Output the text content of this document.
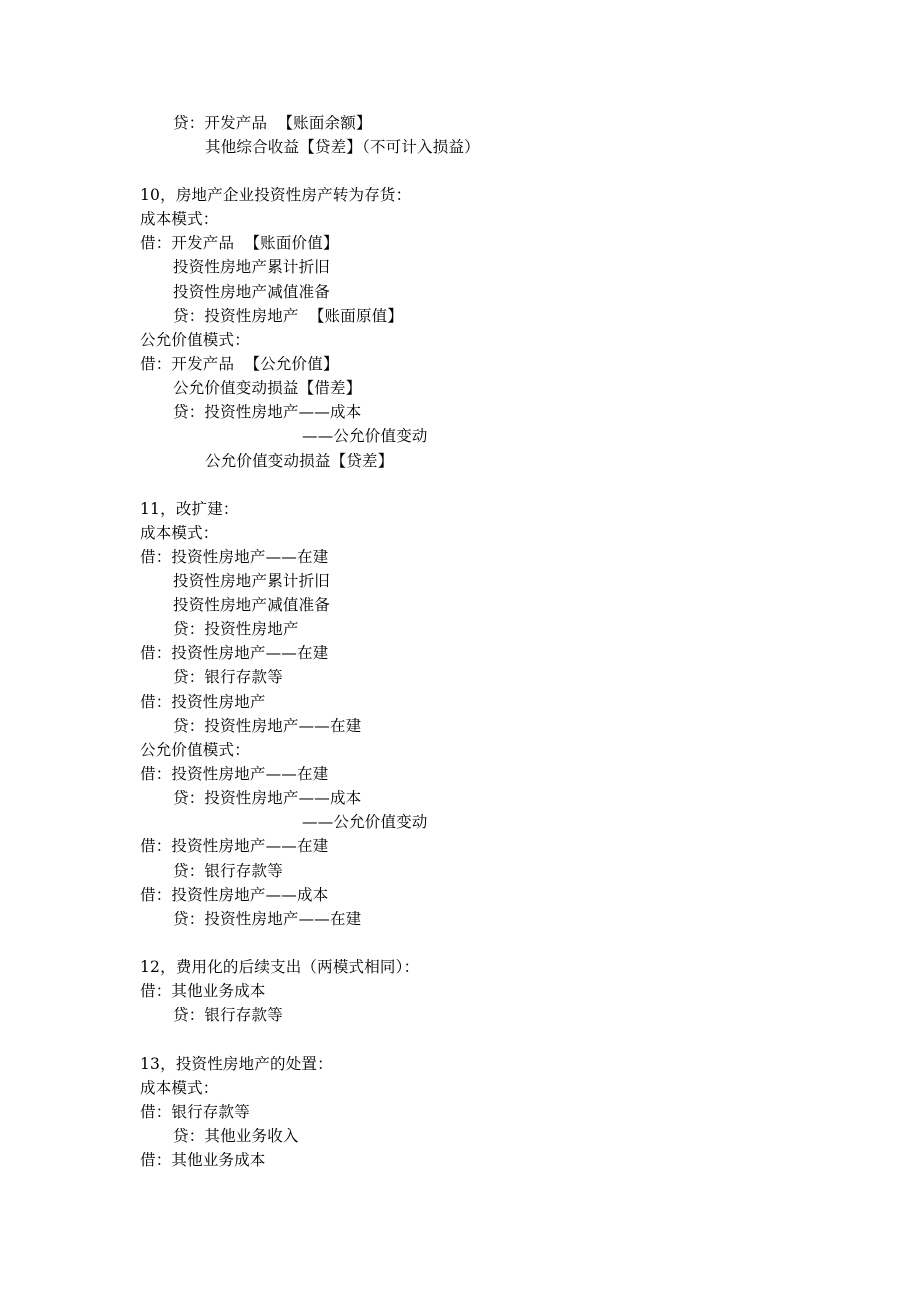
贷：开发产品  【账面余额】
其他综合收益【贷差】（不可计入损益）
10，房地产企业投资性房产转为存货：
成本模式：
借：开发产品  【账面价值】
投资性房地产累计折旧
投资性房地产减值准备
贷：投资性房地产  【账面原值】
公允价值模式：
借：开发产品  【公允价值】
公允价值变动损益【借差】
贷：投资性房地产——成本
——公允价值变动
公允价值变动损益【贷差】
11，改扩建：
成本模式：
借：投资性房地产——在建
投资性房地产累计折旧
投资性房地产减值准备
贷：投资性房地产
借：投资性房地产——在建
贷：银行存款等
借：投资性房地产
贷：投资性房地产——在建
公允价值模式：
借：投资性房地产——在建
贷：投资性房地产——成本
——公允价值变动
借：投资性房地产——在建
贷：银行存款等
借：投资性房地产——成本
贷：投资性房地产——在建
12，费用化的后续支出（两模式相同）：
借：其他业务成本
贷：银行存款等
13，投资性房地产的处置：
成本模式：
借：银行存款等
贷：其他业务收入
借：其他业务成本
